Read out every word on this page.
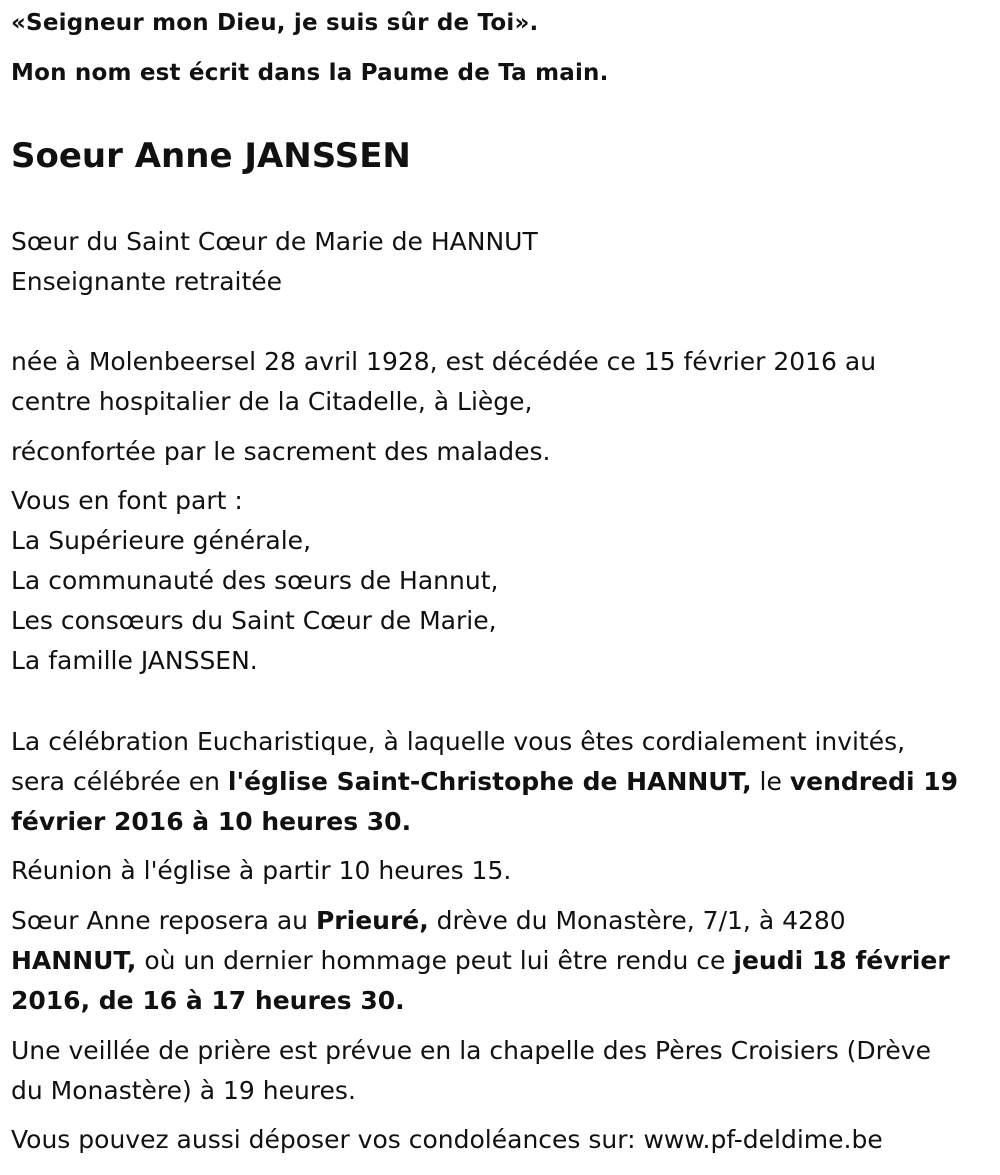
«Seigneur mon Dieu, je suis sûr de Toi».
Mon nom est écrit dans la Paume de Ta main.
Soeur Anne JANSSEN
Sœur du Saint Cœur de Marie de HANNUT
Enseignante retraitée
née à Molenbeersel 28 avril 1928, est décédée ce 15 février 2016 au
centre hospitalier de la Citadelle, à Liège,
réconfortée par le sacrement des malades.
Vous en font part :
La Supérieure générale,
La communauté des sœurs de Hannut,
Les consœurs du Saint Cœur de Marie,
La famille JANSSEN.
La célébration Eucharistique, à laquelle vous êtes cordialement invités,
sera célébrée en l'église Saint-Christophe de HANNUT, le vendredi 19
février 2016 à 10 heures 30.
Réunion à l'église à partir 10 heures 15.
Sœur Anne reposera au Prieuré, drève du Monastère, 7/1, à 4280
HANNUT, où un dernier hommage peut lui être rendu ce jeudi 18 février
2016, de 16 à 17 heures 30.
Une veillée de prière est prévue en la chapelle des Pères Croisiers (Drève
du Monastère) à 19 heures.
Vous pouvez aussi déposer vos condoléances sur: www.pf-deldime.be
